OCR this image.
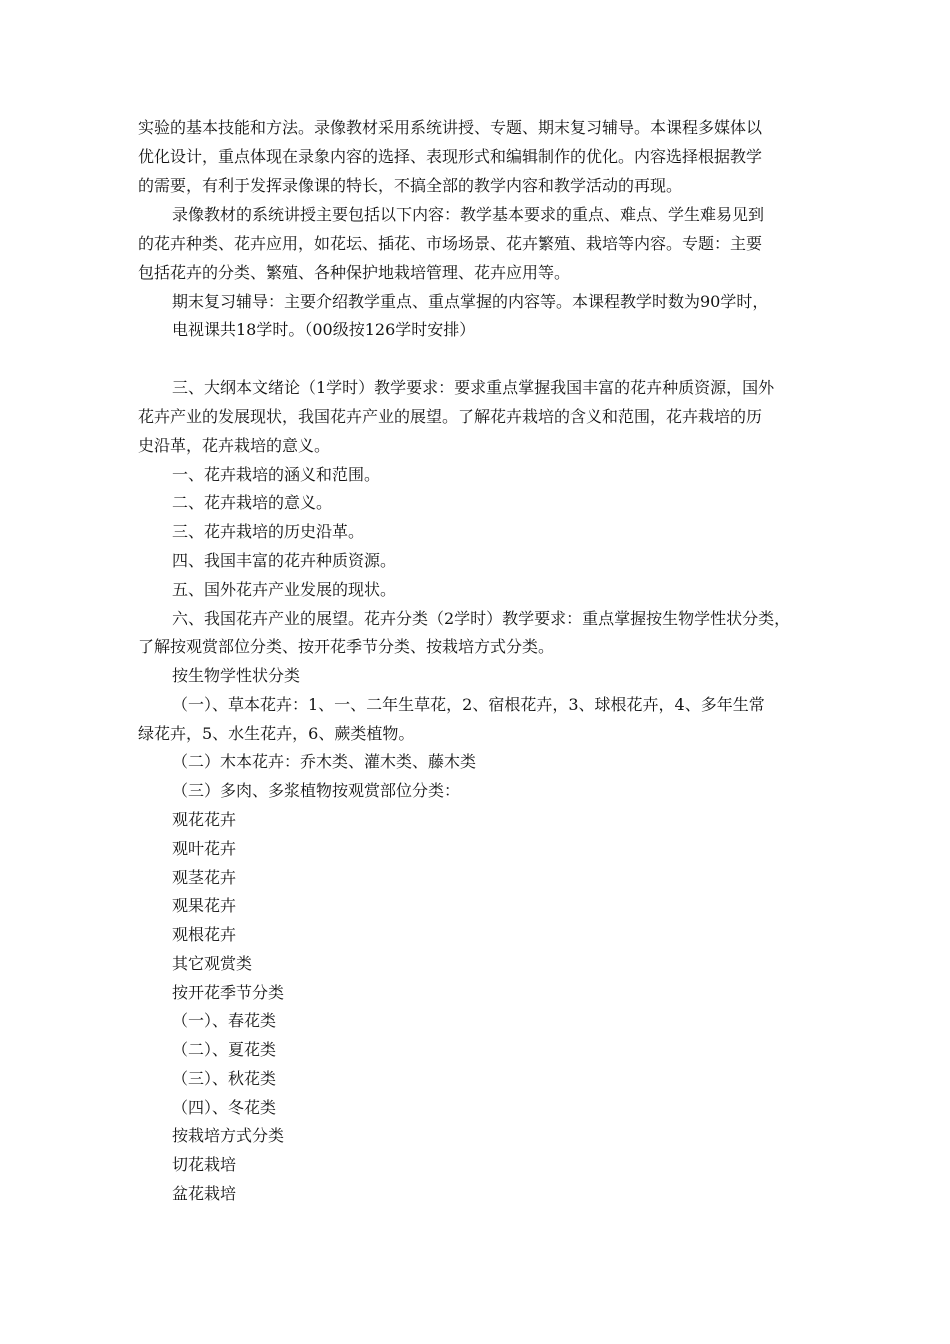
实验的基本技能和方法。录像教材采用系统讲授、专题、期末复习辅导。本课程多媒体以
优化设计，重点体现在录象内容的选择、表现形式和编辑制作的优化。内容选择根据教学
的需要，有利于发挥录像课的特长，不搞全部的教学内容和教学活动的再现。
录像教材的系统讲授主要包括以下内容：教学基本要求的重点、难点、学生难易见到
的花卉种类、花卉应用，如花坛、插花、市场场景、花卉繁殖、栽培等内容。专题：主要
包括花卉的分类、繁殖、各种保护地栽培管理、花卉应用等。
期末复习辅导：主要介绍教学重点、重点掌握的内容等。本课程教学时数为90学时，
电视课共18学时。（00级按126学时安排）
三、大纲本文绪论（1学时）教学要求：要求重点掌握我国丰富的花卉种质资源，国外
花卉产业的发展现状，我国花卉产业的展望。了解花卉栽培的含义和范围，花卉栽培的历
史沿革，花卉栽培的意义。
一、花卉栽培的涵义和范围。
二、花卉栽培的意义。
三、花卉栽培的历史沿革。
四、我国丰富的花卉种质资源。
五、国外花卉产业发展的现状。
六、我国花卉产业的展望。花卉分类（2学时）教学要求：重点掌握按生物学性状分类，
了解按观赏部位分类、按开花季节分类、按栽培方式分类。
按生物学性状分类
（一）、草本花卉：1、一、二年生草花，2、宿根花卉，3、球根花卉，4、多年生常
绿花卉，5、水生花卉，6、蕨类植物。
（二）木本花卉：乔木类、灌木类、藤木类
（三）多肉、多浆植物按观赏部位分类：
观花花卉
观叶花卉
观茎花卉
观果花卉
观根花卉
其它观赏类
按开花季节分类
（一）、春花类
（二）、夏花类
（三）、秋花类
（四）、冬花类
按栽培方式分类
切花栽培
盆花栽培
